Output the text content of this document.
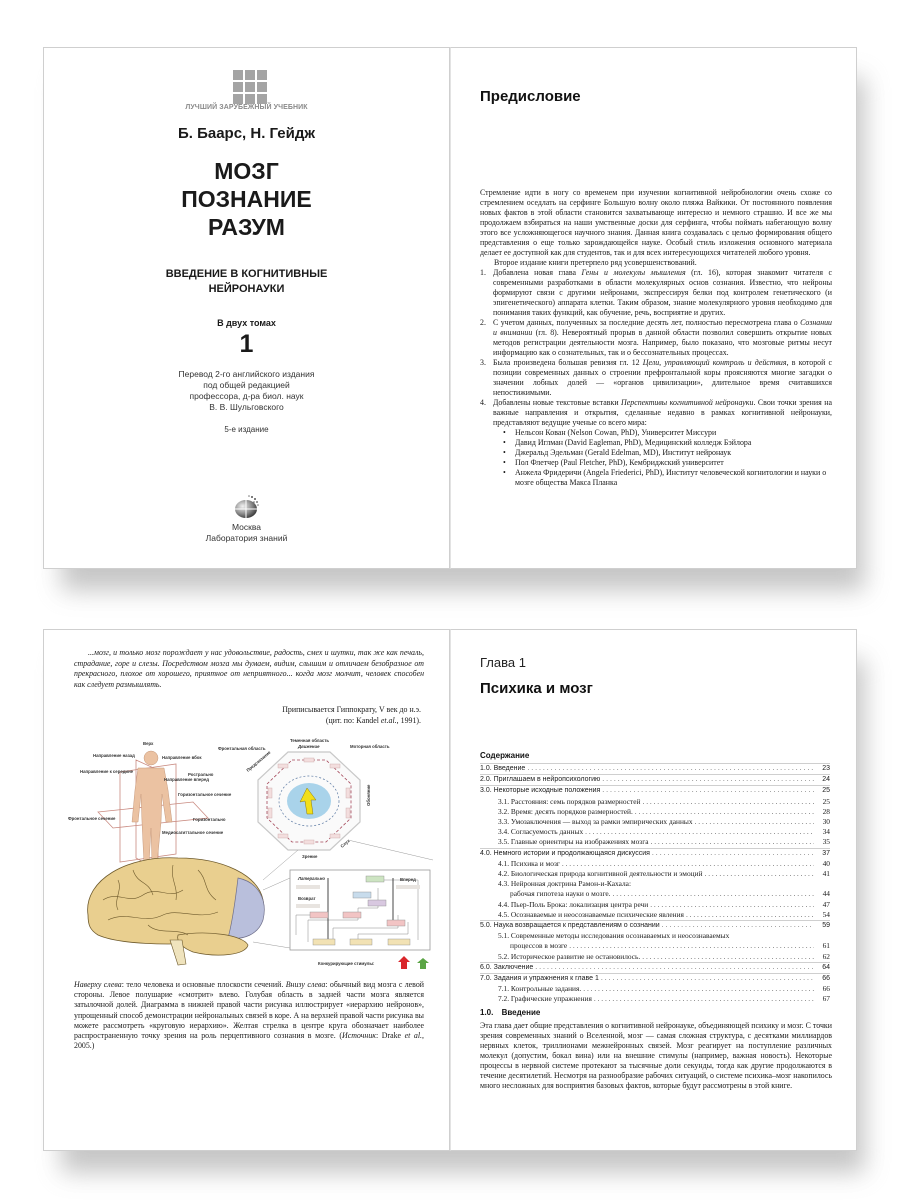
ЛУЧШИЙ ЗАРУБЕЖНЫЙ УЧЕБНИК
Б. Баарс, Н. Гейдж
МОЗГ
ПОЗНАНИЕ
РАЗУМ
ВВЕДЕНИЕ В КОГНИТИВНЫЕ
НЕЙРОНАУКИ
В двух томах
1
Перевод 2-го английского издания
под общей редакцией
профессора, д-ра биол. наук
В. В. Шульговского
5-е издание
Москва
Лаборатория знаний
Предисловие

Стремление идти в ногу со временем при изучении когнитивной нейробиологии очень схоже со стремлением оседлать на серфинге Большую волну около пляжа Вайкики. От постоянного появления новых фактов в этой области становится захватывающе интересно и немного страшно. И все же мы продолжаем взбираться на наши умственные доски для серфинга, чтобы поймать набегающую волну этого все усложняющегося научного знания. Данная книга создавалась с целью формирования общего представления о еще только зарождающейся науке. Особый стиль изложения основного материала делает ее доступной как для студентов, так и для всех интересующихся читателей любого уровня.

Второе издание книги претерпело ряд усовершенствований.

1. Добавлена новая глава Гены и молекулы мышления (гл. 16), которая знакомит читателя с современными разработками в области молекулярных основ сознания. Известно, что нейроны формируют связи с другими нейронами, экспрессируя белки под контролем генетического (и эпигенетического) аппарата клетки. Таким образом, знание молекулярного уровня необходимо для понимания таких функций, как обучение, речь, восприятие и других.
2. С учетом данных, полученных за последние десять лет, полностью пересмотрена глава о Сознании и внимании (гл. 8). Невероятный прорыв в данной области позволил совершить открытие новых методов регистрации деятельности мозга. Например, было показано, что мозговые ритмы несут информацию как о сознательных, так и о бессознательных процессах.
3. Была произведена большая ревизия гл. 12 Цели, управляющий контроль и действия, в которой с позиции современных данных о строении префронтальной коры проясняются многие загадки о значении лобных долей — «органов цивилизации», длительное время считавшихся непостижимыми.
4. Добавлены новые текстовые вставки Перспективы когнитивной нейронауки. Свои точки зрения на важные направления и открытия, сделанные недавно в рамках когнитивной нейронауки, представляют ведущие ученые со всего мира:
• Нельсон Кован (Nelson Cowan, PhD), Университет Миссури
• Давид Иглман (David Eagleman, PhD), Медицинский колледж Бэйлора
• Джеральд Эдельман (Gerald Edelman, MD), Институт нейронаук
• Пол Флетчер (Paul Fletcher, PhD), Кембриджский университет
• Анжела Фридеричи (Angela Friederici, PhD), Институт человеческой когнитологии и науки о мозге общества Макса Планка
...мозг, и только мозг порождает у нас удовольствие, радость, смех и шутки, так же как печаль, страдание, горе и слезы. Посредством мозга мы думаем, видим, слышим и отличаем безобразное от прекрасного, плохое от хорошего, приятное от неприятного... когда мозг молчит, человек способен как следует размышлять.
Приписывается Гиппократу, V век до н.э.
(цит. по: Kandel et.al., 1991).
Верх
Направление назад
Направление к середине
Направление вбок
Рострально
Направление вперед
Горизонтальное сечение
Фронтальное сечение	Горизонтально
Медиосагиттальное сечение
Фронтальная область
Теменная область
Движение	Моторная область
Предсказание
Обоняние
Слух
Зрение
Латерально	Вперед
Возврат
Конкурирующие стимулы:
Наверху слева: тело человека и основные плоскости сечений. Внизу слева: обычный вид мозга с левой стороны. Левое полушарие «смотрит» влево. Голубая область в задней части мозга является затылочной долей. Диаграмма в нижней правой части рисунка иллюстрирует «иерархию нейронов», упрощенный способ демонстрации нейрональных связей в коре. А на верхней правой части рисунка вы можете рассмотреть «круговую иерархию». Желтая стрелка в центре круга обозначает наиболее распространенную точку зрения на роль перцептивного сознания в мозге. (Источник: Drake et al., 2005.)
Глава 1
Психика и мозг
Содержание
1.0. Введение . . .	23
2.0. Приглашаем в нейропсихологию . . .	24
3.0. Некоторые исходные положения . . .	25
3.1. Расстояния: семь порядков размерностей . . .	25
3.2. Время: десять порядков размерностей. . . .	28
3.3. Умозаключения — выход за рамки эмпирических данных . . .	30
3.4. Согласуемость данных . . .	34
3.5. Главные ориентиры на изображениях мозга . . .	35
4.0. Немного истории и продолжающаяся дискуссия . . .	37
4.1. Психика и мозг . . .	40
4.2. Биологическая природа когнитивной деятельности и эмоций . . .	41
4.3. Нейронная доктрина Рамон-и-Кахала:
рабочая гипотеза науки о мозге. . . .	44
4.4. Пьер-Поль Брока: локализация центра речи . . .	47
4.5. Осознаваемые и неосознаваемые психические явления . . .	54
5.0. Наука возвращается к представлениям о сознании . . .	59
5.1. Современные методы исследования осознаваемых и неосознаваемых
процессов в мозге . . .	61
5.2. Историческое развитие не остановилось. . . .	62
6.0. Заключение . . .	64
7.0. Задания и упражнения к главе 1 . . .	66
7.1. Контрольные задания. . . .	66
7.2. Графические упражнения . . .	67
1.0. Введение
Эта глава дает общие представления о когнитивной нейронауке, объединяющей психику и мозг. С точки зрения современных знаний о Вселенной, мозг — самая сложная структура, с десятками миллиардов нервных клеток, триллионами межнейронных связей. Мозг реагирует на поступление различных молекул (допустим, бокал вина) или на внешние стимулы (например, важная новость). Некоторые процессы в нервной системе протекают за тысячные доли секунды, тогда как другие продолжаются в течение десятилетий. Несмотря на разнообразие рабочих ситуаций, о системе психика–мозг накопилось много несложных для восприятия базовых фактов, которые будут рассмотрены в этой книге.
